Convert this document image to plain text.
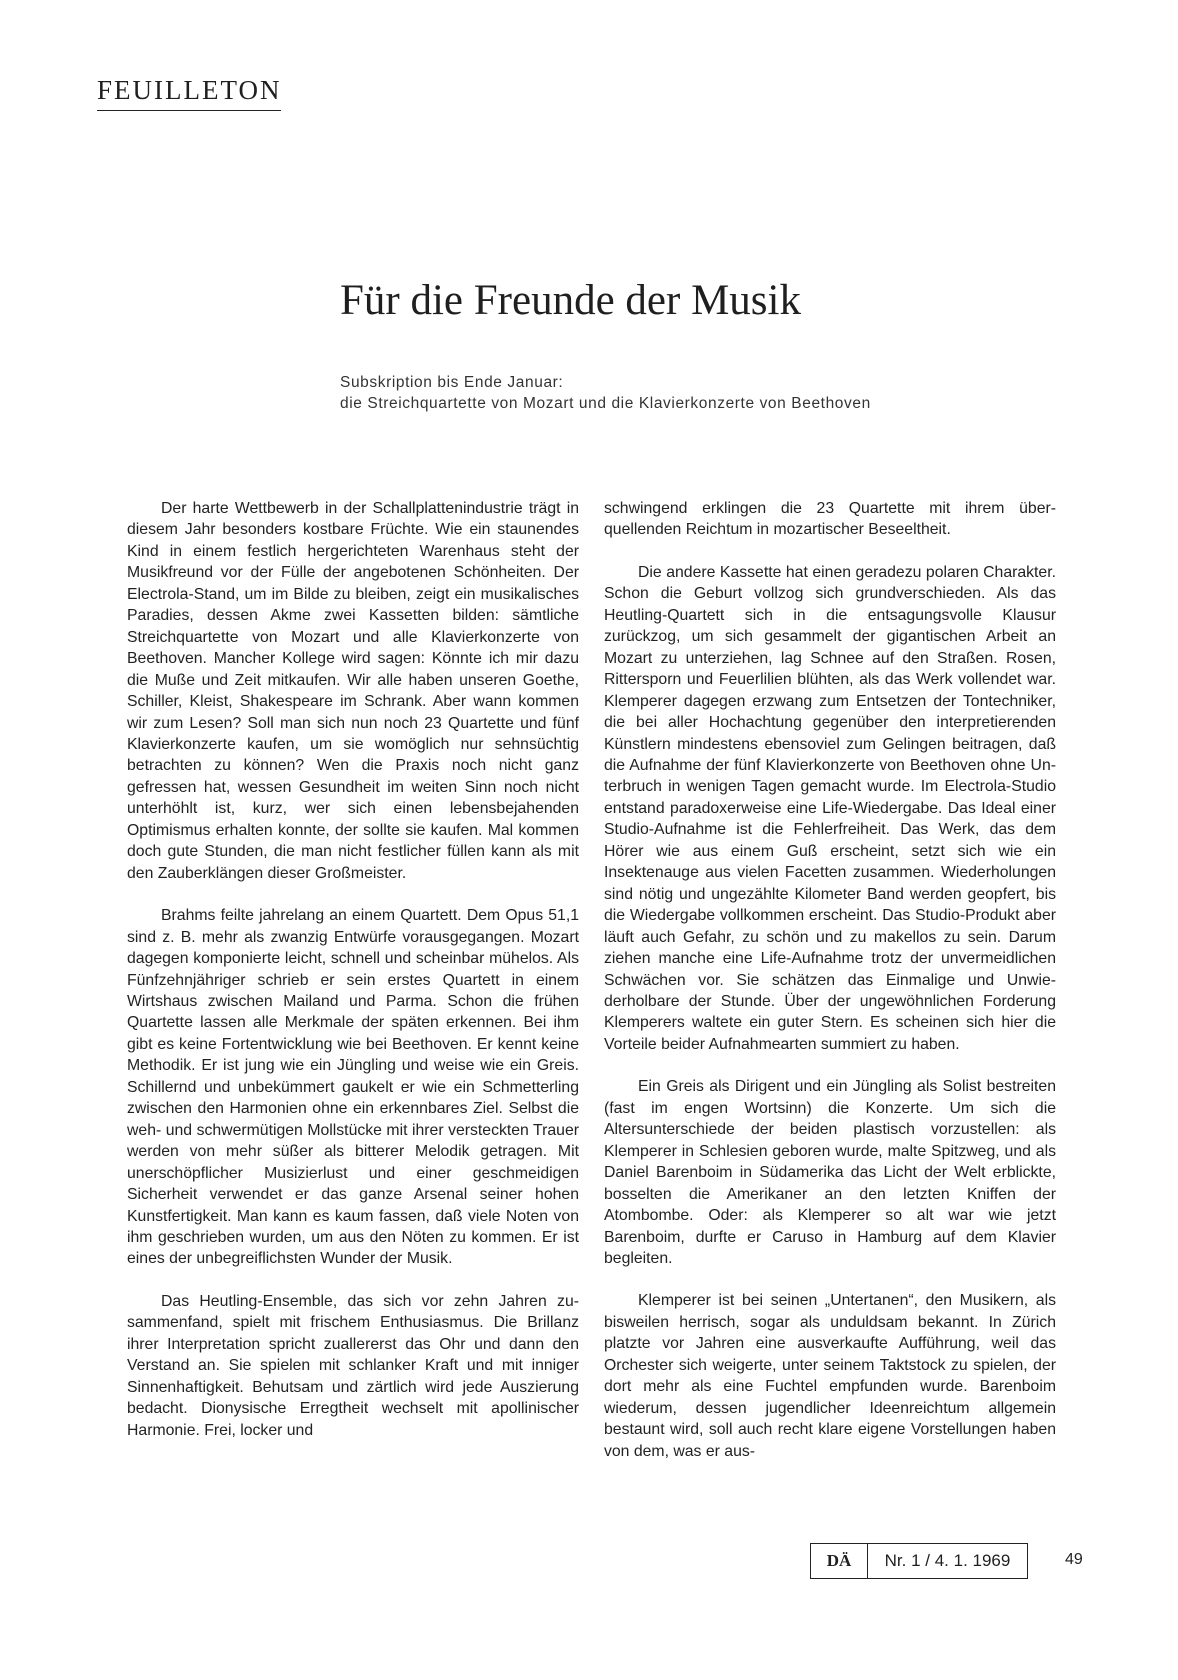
FEUILLETON
Für die Freunde der Musik
Subskription bis Ende Januar:
die Streichquartette von Mozart und die Klavierkonzerte von Beethoven

Der harte Wettbewerb in der Schallplattenindustrie trägt in diesem Jahr besonders kostbare Früchte. Wie ein staunendes Kind in einem festlich hergerichteten Warenhaus steht der Musikfreund vor der Fülle der angebotenen Schönheiten. Der Electrola-Stand, um im Bilde zu bleiben, zeigt ein musikalisches Paradies, dessen Akme zwei Kassetten bilden: sämtliche Streichquartette von Mozart und alle Klavierkonzerte von Beethoven. Mancher Kollege wird sagen: Könnte ich mir dazu die Muße und Zeit mitkaufen. Wir alle haben unseren Goethe, Schiller, Kleist, Shakespeare im Schrank. Aber wann kommen wir zum Lesen? Soll man sich nun noch 23 Quartette und fünf Klavierkonzerte kaufen, um sie womöglich nur sehnsüchtig betrachten zu können? Wen die Praxis noch nicht ganz gefressen hat, wessen Gesundheit im weiten Sinn noch nicht unterhöhlt ist, kurz, wer sich einen lebensbejahenden Optimismus erhalten konnte, der sollte sie kaufen. Mal kommen doch gute Stunden, die man nicht festlicher füllen kann als mit den Zauberklängen dieser Großmeister.

Brahms feilte jahrelang an einem Quartett. Dem Opus 51,1 sind z. B. mehr als zwanzig Entwürfe vorausgegangen. Mozart dagegen komponierte leicht, schnell und scheinbar mühelos. Als Fünfzehnjähriger schrieb er sein erstes Quartett in einem Wirtshaus zwischen Mailand und Parma. Schon die frühen Quartette lassen alle Merkmale der späten erkennen. Bei ihm gibt es keine Fortentwicklung wie bei Beethoven. Er kennt keine Methodik. Er ist jung wie ein Jüngling und weise wie ein Greis. Schillernd und unbekümmert gaukelt er wie ein Schmetterling zwischen den Harmonien ohne ein erkennbares Ziel. Selbst die weh- und schwermütigen Mollstücke mit ihrer versteckten Trauer werden von mehr süßer als bitterer Melodik getragen. Mit unerschöpflicher Musizierlust und einer geschmeidigen Sicherheit verwendet er das ganze Arsenal seiner hohen Kunstfertigkeit. Man kann es kaum fassen, daß viele Noten von ihm geschrieben wurden, um aus den Nöten zu kommen. Er ist eines der unbegreiflichsten Wunder der Musik.

Das Heutling-Ensemble, das sich vor zehn Jahren zusammenfand, spielt mit frischem Enthusiasmus. Die Brillanz ihrer Interpretation spricht zuallererst das Ohr und dann den Verstand an. Sie spielen mit schlanker Kraft und mit inniger Sinnenhaftigkeit. Behutsam und zärtlich wird jede Auszierung bedacht. Dionysische Erregtheit wechselt mit apollinischer Harmonie. Frei, locker und

schwingend erklingen die 23 Quartette mit ihrem überquellenden Reichtum in mozartischer Beseeltheit.

Die andere Kassette hat einen geradezu polaren Charakter. Schon die Geburt vollzog sich grundverschieden. Als das Heutling-Quartett sich in die entsagungsvolle Klausur zurückzog, um sich gesammelt der gigantischen Arbeit an Mozart zu unterziehen, lag Schnee auf den Straßen. Rosen, Rittersporn und Feuerlilien blühten, als das Werk vollendet war. Klemperer dagegen erzwang zum Entsetzen der Tontechniker, die bei aller Hochachtung gegenüber den interpretierenden Künstlern mindestens ebensoviel zum Gelingen beitragen, daß die Aufnahme der fünf Klavierkonzerte von Beethoven ohne Unterbruch in wenigen Tagen gemacht wurde. Im Electrola-Studio entstand paradoxerweise eine Life-Wiedergabe. Das Ideal einer Studio-Aufnahme ist die Fehlerfreiheit. Das Werk, das dem Hörer wie aus einem Guß erscheint, setzt sich wie ein Insektenauge aus vielen Facetten zusammen. Wiederholungen sind nötig und ungezählte Kilometer Band werden geopfert, bis die Wiedergabe vollkommen erscheint. Das Studio-Produkt aber läuft auch Gefahr, zu schön und zu makellos zu sein. Darum ziehen manche eine Life-Aufnahme trotz der unvermeidlichen Schwächen vor. Sie schätzen das Einmalige und Unwiederholbare der Stunde. Über der ungewöhnlichen Forderung Klemperers waltete ein guter Stern. Es scheinen sich hier die Vorteile beider Aufnahmearten summiert zu haben.

Ein Greis als Dirigent und ein Jüngling als Solist bestreiten (fast im engen Wortsinn) die Konzerte. Um sich die Altersunterschiede der beiden plastisch vorzustellen: als Klemperer in Schlesien geboren wurde, malte Spitzweg, und als Daniel Barenboim in Südamerika das Licht der Welt erblickte, bosselten die Amerikaner an den letzten Kniffen der Atombombe. Oder: als Klemperer so alt war wie jetzt Barenboim, durfte er Caruso in Hamburg auf dem Klavier begleiten.

Klemperer ist bei seinen „Untertanen“, den Musikern, als bisweilen herrisch, sogar als unduldsam bekannt. In Zürich platzte vor Jahren eine ausverkaufte Aufführung, weil das Orchester sich weigerte, unter seinem Taktstock zu spielen, der dort mehr als eine Fuchtel empfunden wurde. Barenboim wiederum, dessen jugendlicher Ideenreichtum allgemein bestaunt wird, soll auch recht klare eigene Vorstellungen haben von dem, was er aus-

DÄ	Nr. 1 / 4. 1. 1969	49
